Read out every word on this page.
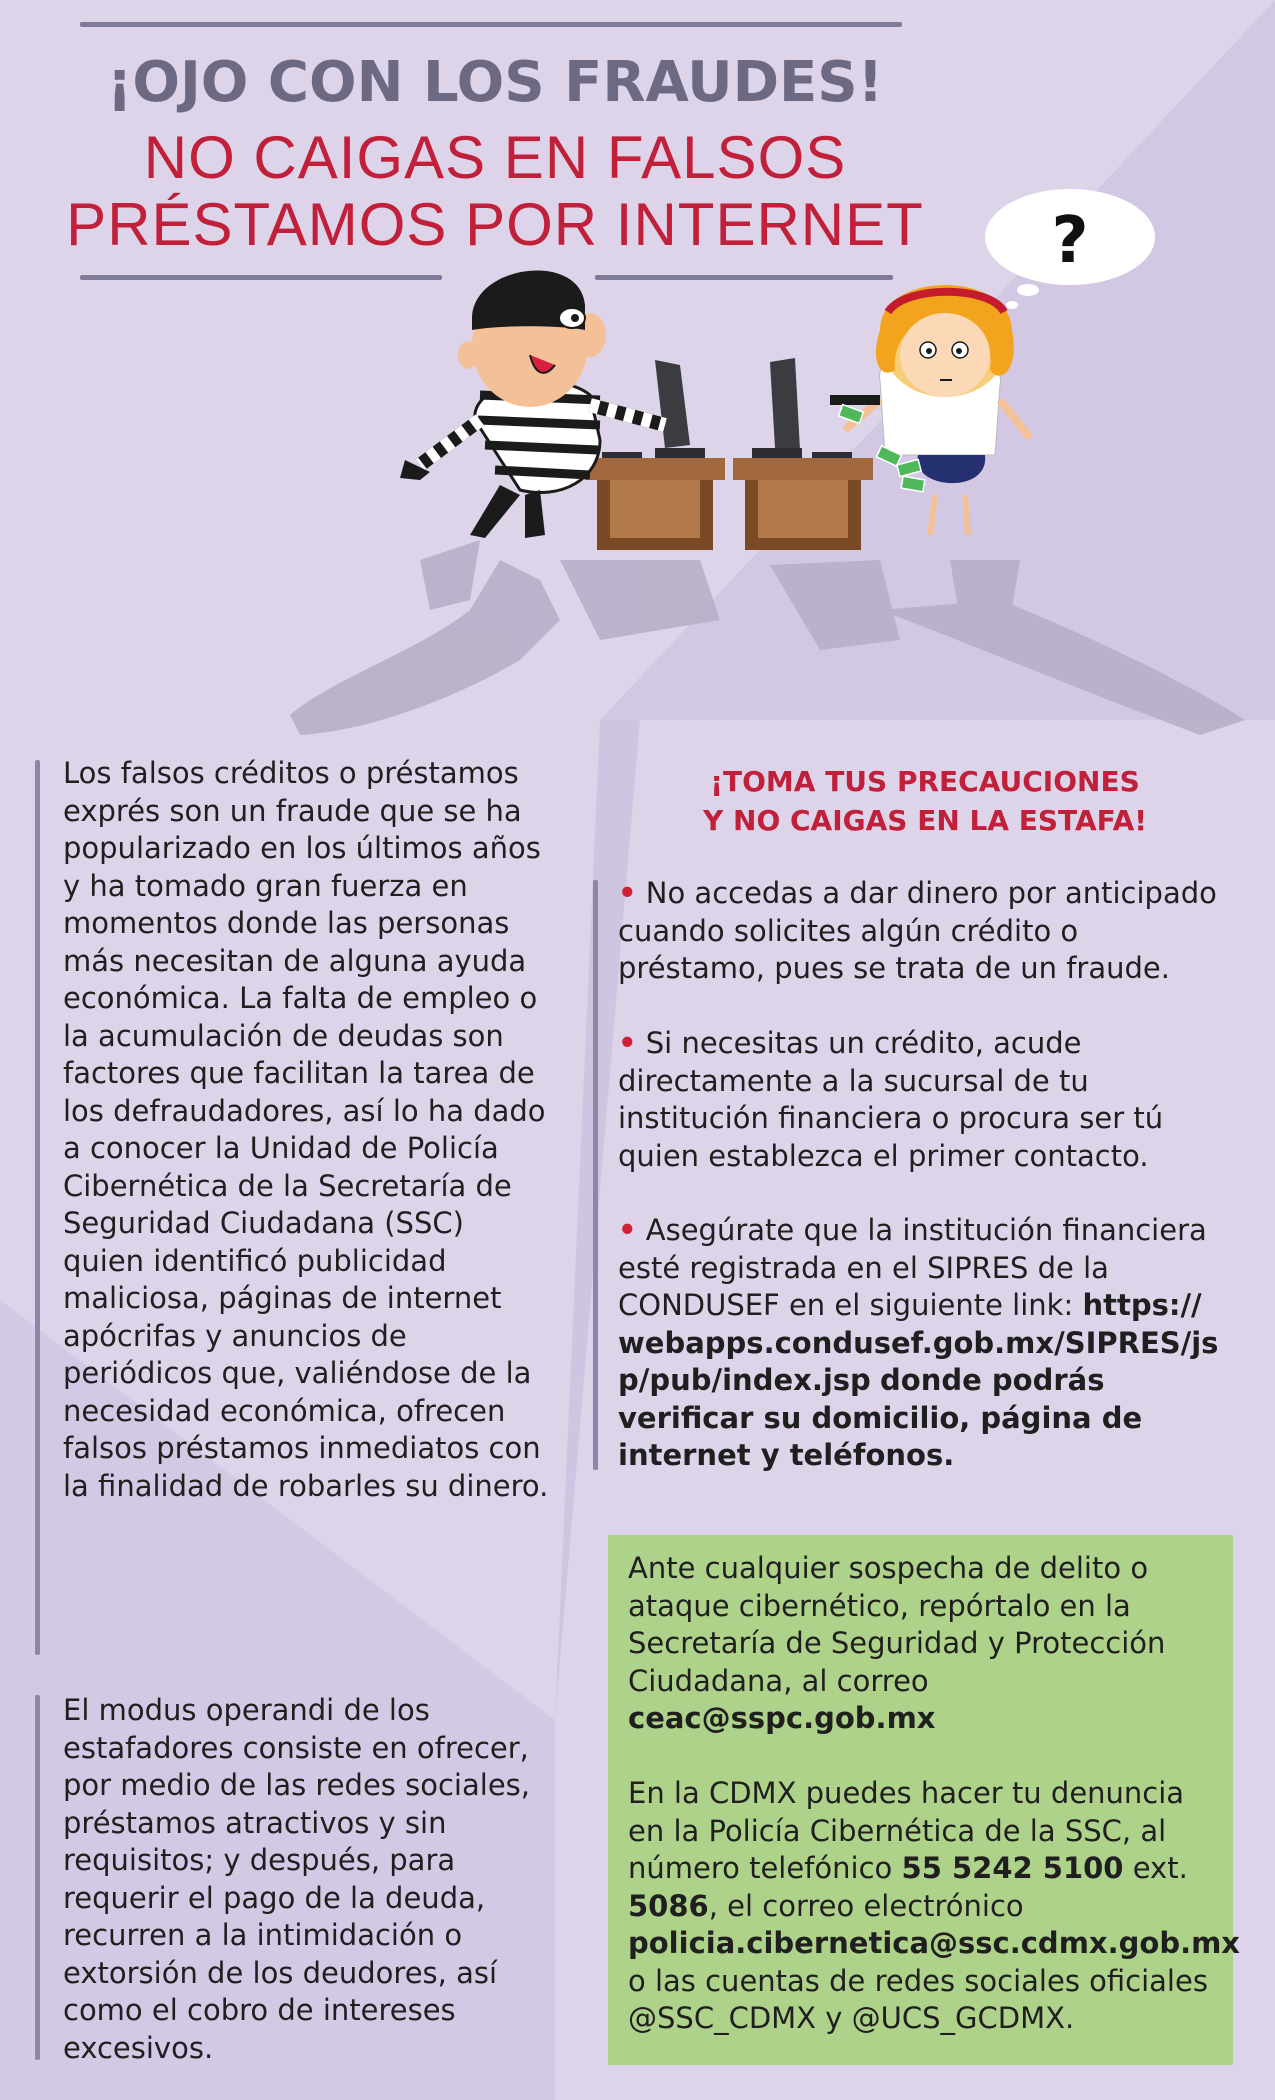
¡OJO CON LOS FRAUDES!
NO CAIGAS EN FALSOS
PRÉSTAMOS POR INTERNET ?
Los falsos créditos o préstamos exprés son un fraude que se ha popularizado en los últimos años y ha tomado gran fuerza en momentos donde las personas más necesitan de alguna ayuda económica. La falta de empleo o la acumulación de deudas son factores que facilitan la tarea de los defraudadores, así lo ha dado a conocer la Unidad de Policía Cibernética de la Secretaría de Seguridad Ciudadana (SSC) quien identificó publicidad maliciosa, páginas de internet apócrifas y anuncios de periódicos que, valiéndose de la necesidad económica, ofrecen falsos préstamos inmediatos con la finalidad de robarles su dinero.
El modus operandi de los estafadores consiste en ofrecer, por medio de las redes sociales, préstamos atractivos y sin requisitos; y después, para requerir el pago de la deuda, recurren a la intimidación o extorsión de los deudores, así como el cobro de intereses excesivos.
¡TOMA TUS PRECAUCIONES
Y NO CAIGAS EN LA ESTAFA!
• No accedas a dar dinero por anticipado cuando solicites algún crédito o préstamo, pues se trata de un fraude.
• Si necesitas un crédito, acude directamente a la sucursal de tu institución financiera o procura ser tú quien establezca el primer contacto.
• Asegúrate que la institución financiera esté registrada en el SIPRES de la CONDUSEF en el siguiente link: https://webapps.condusef.gob.mx/SIPRES/jsp/pub/index.jsp donde podrás verificar su domicilio, página de internet y teléfonos.
Ante cualquier sospecha de delito o ataque cibernético, repórtalo en la Secretaría de Seguridad y Protección Ciudadana, al correo ceac@sspc.gob.mx
En la CDMX puedes hacer tu denuncia en la Policía Cibernética de la SSC, al número telefónico 55 5242 5100 ext. 5086, el correo electrónico policia.cibernetica@ssc.cdmx.gob.mx o las cuentas de redes sociales oficiales @SSC_CDMX y @UCS_GCDMX.
